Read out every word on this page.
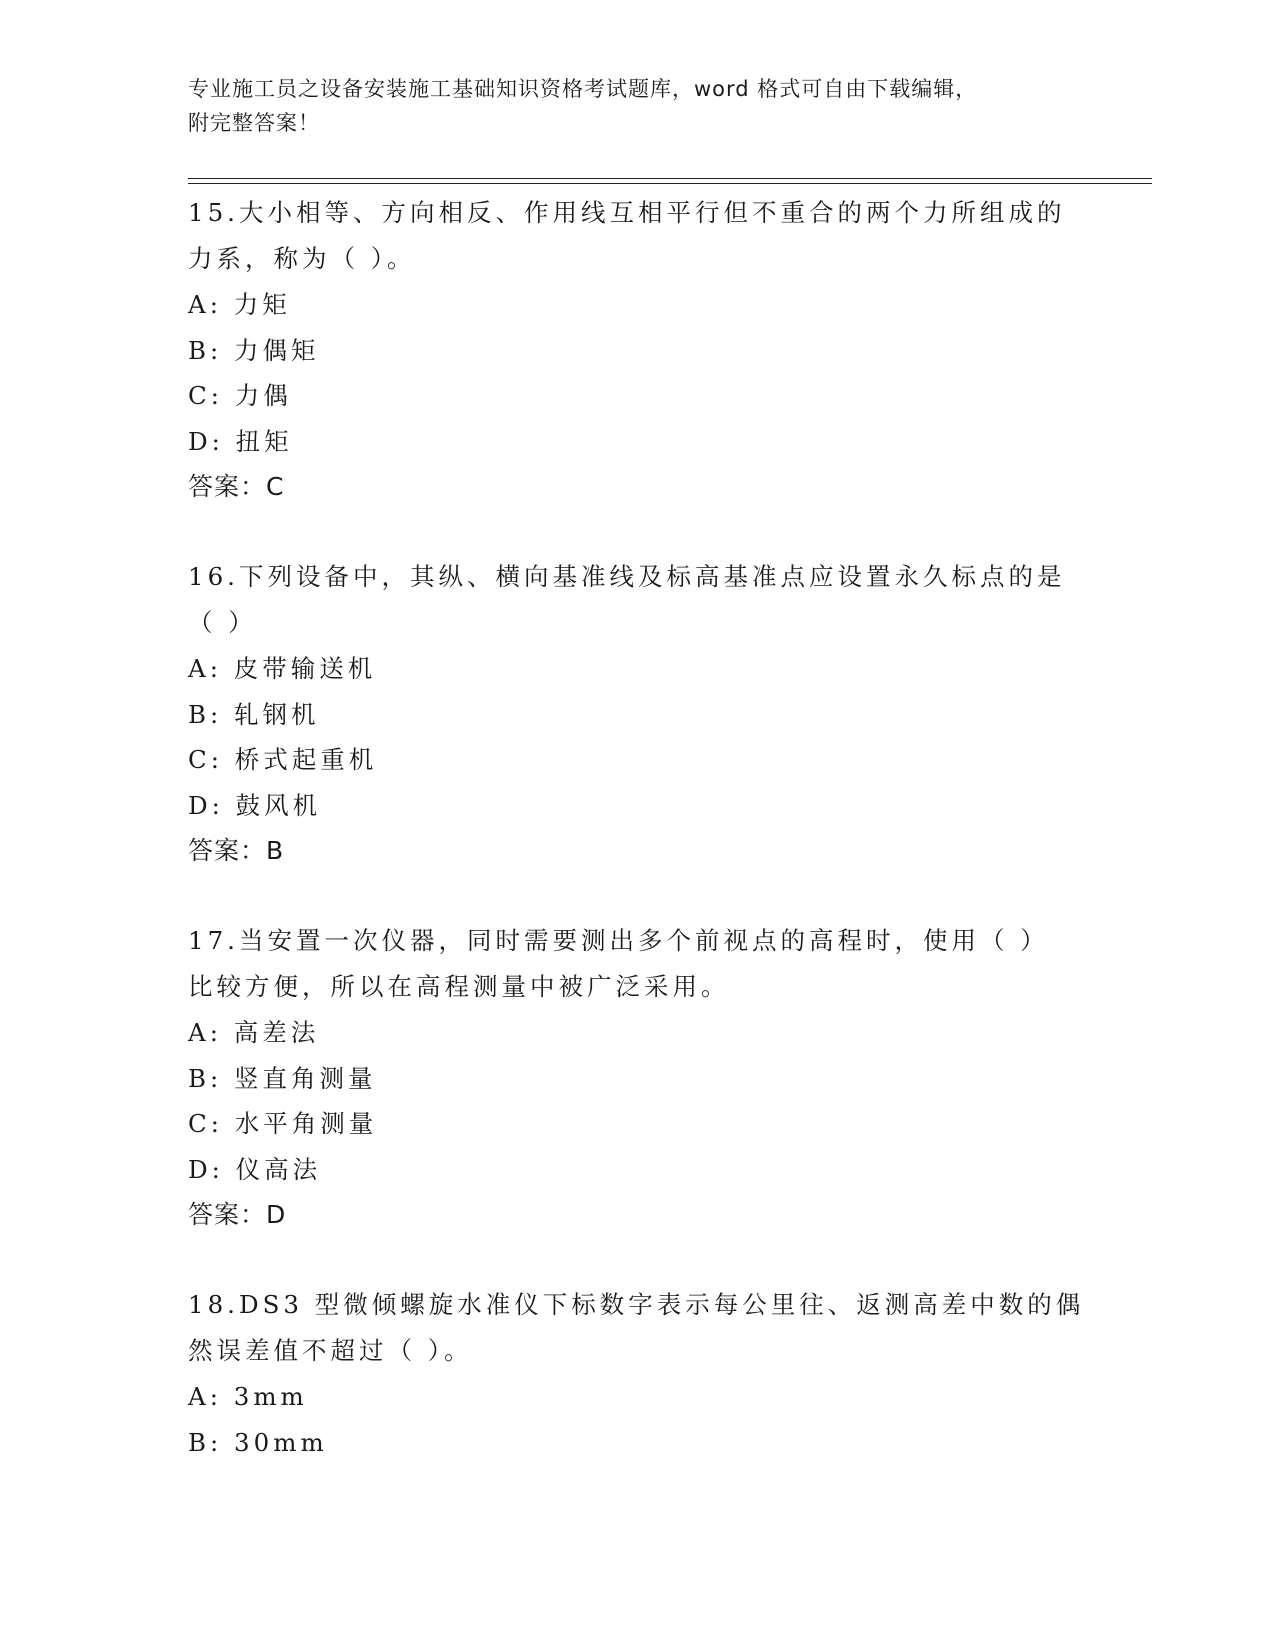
专业施工员之设备安装施工基础知识资格考试题库，word 格式可自由下载编辑，
附完整答案！

15.大小相等、方向相反、作用线互相平行但不重合的两个力所组成的

力系，称为（ ）。

A: 力矩

B: 力偶矩

C: 力偶

D: 扭矩

答案：C

16.下列设备中，其纵、横向基准线及标高基准点应设置永久标点的是

（ ）

A: 皮带输送机

B: 轧钢机

C: 桥式起重机

D: 鼓风机

答案：B

17.当安置一次仪器，同时需要测出多个前视点的高程时，使用（ ）

比较方便，所以在高程测量中被广泛采用。

A: 高差法

B: 竖直角测量

C: 水平角测量

D: 仪高法

答案：D

18.DS3 型微倾螺旋水准仪下标数字表示每公里往、返测高差中数的偶

然误差值不超过（ ）。

A: 3mm

B: 30mm
